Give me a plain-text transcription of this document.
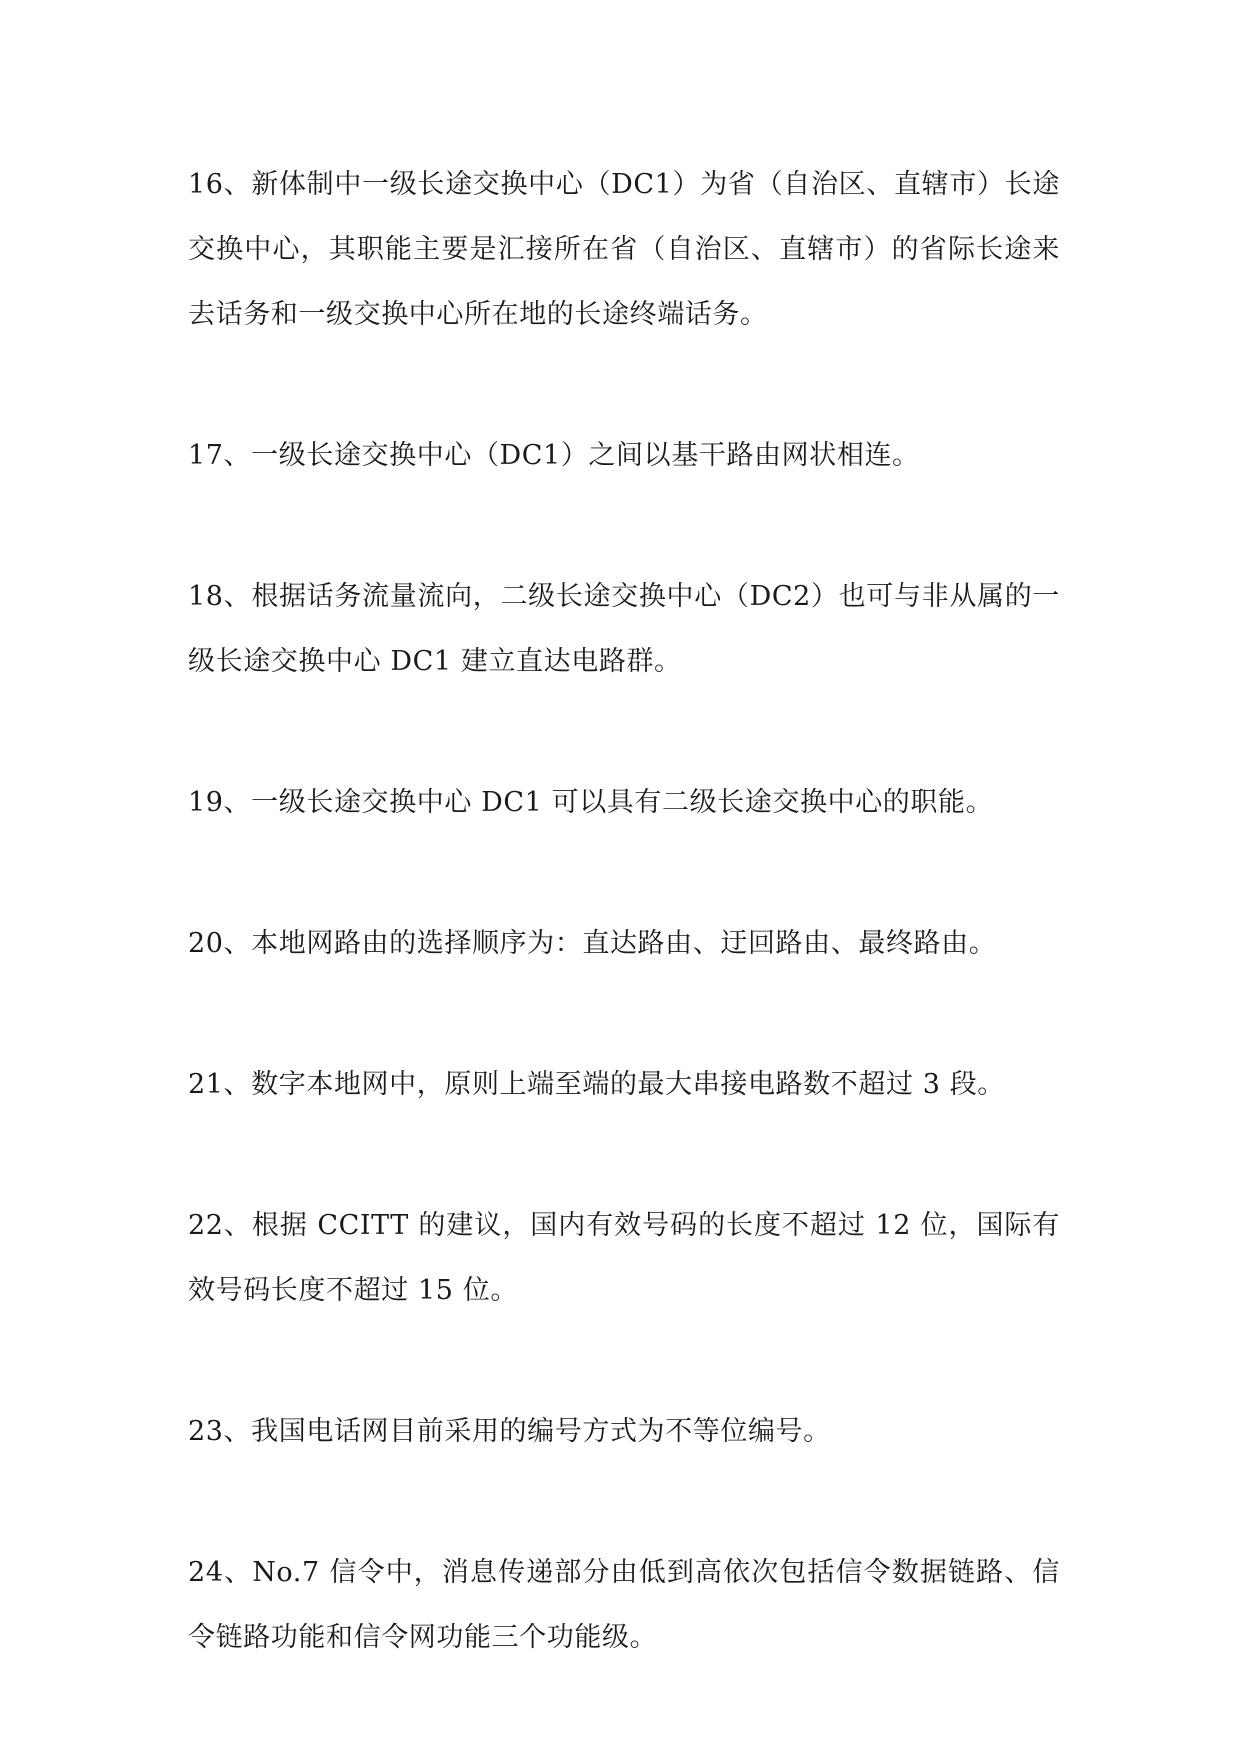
16、新体制中一级长途交换中心（DC1）为省（自治区、直辖市）长途交换中心，其职能主要是汇接所在省（自治区、直辖市）的省际长途来去话务和一级交换中心所在地的长途终端话务。

17、一级长途交换中心（DC1）之间以基干路由网状相连。

18、根据话务流量流向，二级长途交换中心（DC2）也可与非从属的一级长途交换中心 DC1 建立直达电路群。

19、一级长途交换中心 DC1 可以具有二级长途交换中心的职能。

20、本地网路由的选择顺序为：直达路由、迂回路由、最终路由。

21、数字本地网中，原则上端至端的最大串接电路数不超过 3 段。

22、根据 CCITT 的建议，国内有效号码的长度不超过 12 位，国际有效号码长度不超过 15 位。

23、我国电话网目前采用的编号方式为不等位编号。

24、No.7 信令中，消息传递部分由低到高依次包括信令数据链路、信令链路功能和信令网功能三个功能级。
